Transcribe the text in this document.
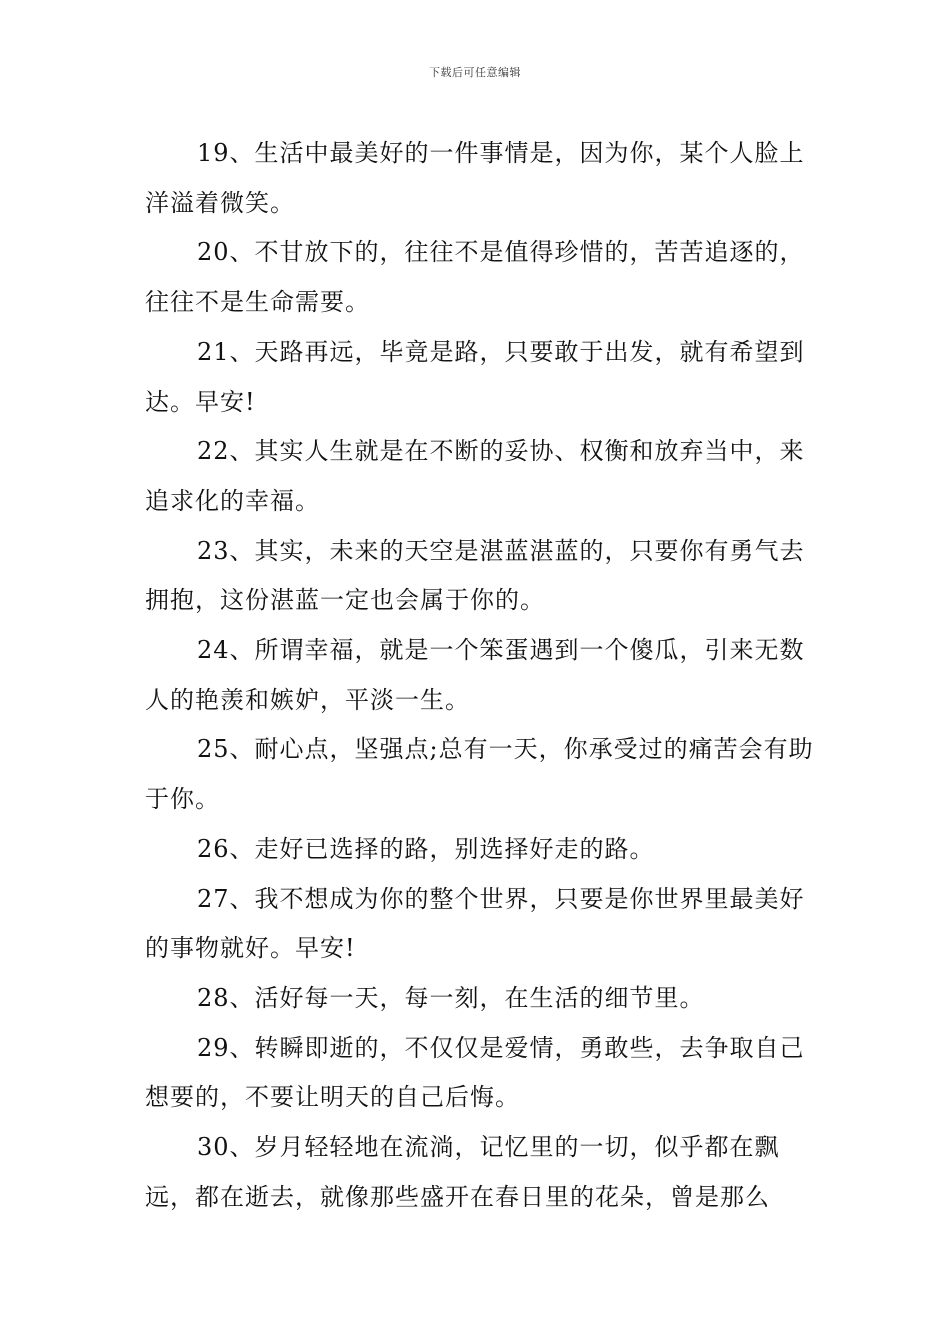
下载后可任意编辑

19、生活中最美好的一件事情是，因为你，某个人脸上洋溢着微笑。

20、不甘放下的，往往不是值得珍惜的，苦苦追逐的，往往不是生命需要。

21、天路再远，毕竟是路，只要敢于出发，就有希望到达。早安!

22、其实人生就是在不断的妥协、权衡和放弃当中，来追求化的幸福。

23、其实，未来的天空是湛蓝湛蓝的，只要你有勇气去拥抱，这份湛蓝一定也会属于你的。

24、所谓幸福，就是一个笨蛋遇到一个傻瓜，引来无数人的艳羡和嫉妒，平淡一生。

25、耐心点，坚强点;总有一天，你承受过的痛苦会有助于你。

26、走好已选择的路，别选择好走的路。

27、我不想成为你的整个世界，只要是你世界里最美好的事物就好。早安!

28、活好每一天，每一刻，在生活的细节里。

29、转瞬即逝的，不仅仅是爱情，勇敢些，去争取自己想要的，不要让明天的自己后悔。

30、岁月轻轻地在流淌，记忆里的一切，似乎都在飘远，都在逝去，就像那些盛开在春日里的花朵，曾是那么
